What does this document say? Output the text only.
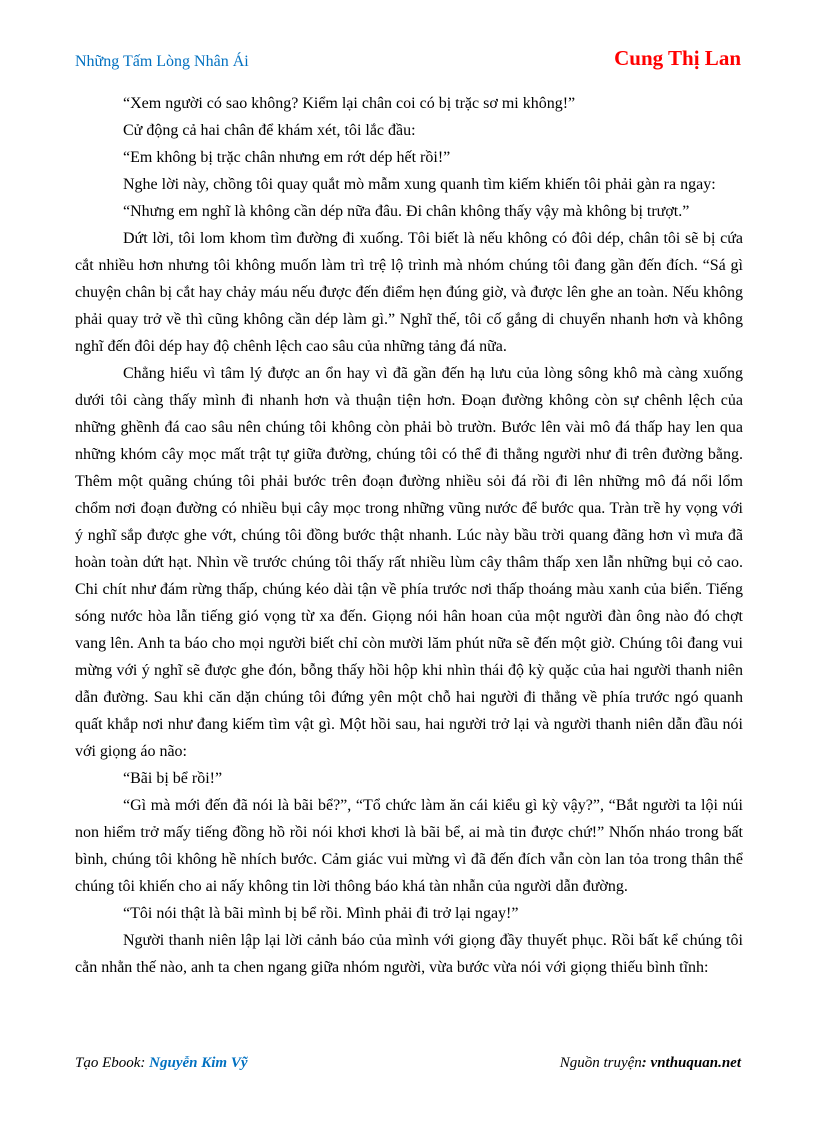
Những Tấm Lòng Nhân Ái	Cung Thị Lan

“Xem người có sao không? Kiểm lại chân coi có bị trặc sơ mi không!”

Cử động cả hai chân để khám xét, tôi lắc đầu:

“Em không bị trặc chân nhưng em rớt dép hết rồi!”

Nghe lời này, chồng tôi quay quắt mò mẫm xung quanh tìm kiếm khiến tôi phải gàn ra ngay:

“Nhưng em nghĩ là không cần dép nữa đâu. Đi chân không thấy vậy mà không bị trượt.”

Dứt lời, tôi lom khom tìm đường đi xuống. Tôi biết là nếu không có đôi dép, chân tôi sẽ bị cứa cắt nhiều hơn nhưng tôi không muốn làm trì trệ lộ trình mà nhóm chúng tôi đang gần đến đích. “Sá gì chuyện chân bị cắt hay chảy máu nếu được đến điểm hẹn đúng giờ, và được lên ghe an toàn. Nếu không phải quay trở về thì cũng không cần dép làm gì.” Nghĩ thế, tôi cố gắng di chuyển nhanh hơn và không nghĩ đến đôi dép hay độ chênh lệch cao sâu của những tảng đá nữa.

Chẳng hiểu vì tâm lý được an ổn hay vì đã gần đến hạ lưu của lòng sông khô mà càng xuống dưới tôi càng thấy mình đi nhanh hơn và thuận tiện hơn. Đoạn đường không còn sự chênh lệch của những ghềnh đá cao sâu nên chúng tôi không còn phải bò trườn. Bước lên vài mô đá thấp hay len qua những khóm cây mọc mất trật tự giữa đường, chúng tôi có thể đi thẳng người như đi trên đường bằng. Thêm một quãng chúng tôi phải bước trên đoạn đường nhiều sỏi đá rồi đi lên những mô đá nổi lổm chổm nơi đoạn đường có nhiều bụi cây mọc trong những vũng nước để bước qua. Tràn trề hy vọng với ý nghĩ sắp được ghe vớt, chúng tôi đồng bước thật nhanh. Lúc này bầu trời quang đãng hơn vì mưa đã hoàn toàn dứt hạt. Nhìn về trước chúng tôi thấy rất nhiều lùm cây thâm thấp xen lẫn những bụi cỏ cao. Chi chít như đám rừng thấp, chúng kéo dài tận về phía trước nơi thấp thoáng màu xanh của biển. Tiếng sóng nước hòa lẫn tiếng gió vọng từ xa đến. Giọng nói hân hoan của một người đàn ông nào đó chợt vang lên. Anh ta báo cho mọi người biết chỉ còn mười lăm phút nữa sẽ đến một giờ. Chúng tôi đang vui mừng với ý nghĩ sẽ được ghe đón, bỗng thấy hồi hộp khi nhìn thái độ kỳ quặc của hai người thanh niên dẫn đường. Sau khi căn dặn chúng tôi đứng yên một chỗ hai người đi thẳng về phía trước ngó quanh quất khắp nơi như đang kiếm tìm vật gì. Một hồi sau, hai người trở lại và người thanh niên dẫn đầu nói với giọng áo não:

“Bãi bị bể rồi!”

“Gì mà mới đến đã nói là bãi bể?”, “Tổ chức làm ăn cái kiểu gì kỳ vậy?”, “Bắt người ta lội núi non hiểm trở mấy tiếng đồng hồ rồi nói khơi khơi là bãi bể, ai mà tin được chứ!” Nhốn nháo trong bất bình, chúng tôi không hề nhích bước. Cảm giác vui mừng vì đã đến đích vẫn còn lan tỏa trong thân thể chúng tôi khiến cho ai nấy không tin lời thông báo khá tàn nhẫn của người dẫn đường.

“Tôi nói thật là bãi mình bị bể rồi. Mình phải đi trở lại ngay!”

Người thanh niên lập lại lời cảnh báo của mình với giọng đầy thuyết phục. Rồi bất kể chúng tôi cằn nhằn thế nào, anh ta chen ngang giữa nhóm người, vừa bước vừa nói với giọng thiếu bình tĩnh:

Tạo Ebook: Nguyễn Kim Vỹ	Nguồn truyện: vnthuquan.net
